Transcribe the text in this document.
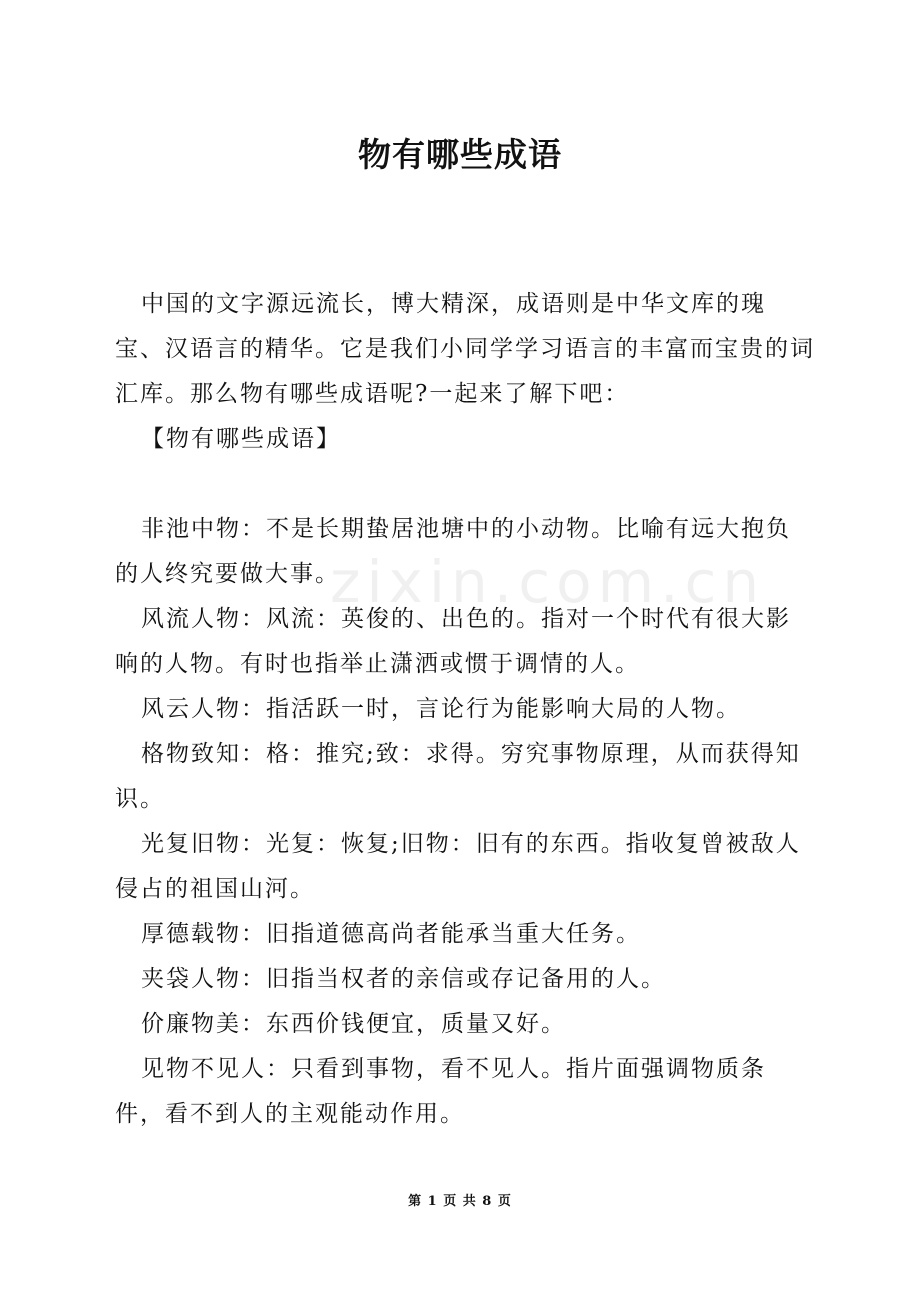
zixin.com.cn
物有哪些成语

中国的文字源远流长，博大精深，成语则是中华文库的瑰宝、汉语言的精华。它是我们小同学学习语言的丰富而宝贵的词汇库。那么物有哪些成语呢?一起来了解下吧：

【物有哪些成语】

非池中物：不是长期蛰居池塘中的小动物。比喻有远大抱负的人终究要做大事。

风流人物：风流：英俊的、出色的。指对一个时代有很大影响的人物。有时也指举止潇洒或惯于调情的人。

风云人物：指活跃一时，言论行为能影响大局的人物。

格物致知：格：推究;致：求得。穷究事物原理，从而获得知识。

光复旧物：光复：恢复;旧物：旧有的东西。指收复曾被敌人侵占的祖国山河。

厚德载物：旧指道德高尚者能承当重大任务。

夹袋人物：旧指当权者的亲信或存记备用的人。

价廉物美：东西价钱便宜，质量又好。

见物不见人：只看到事物，看不见人。指片面强调物质条件，看不到人的主观能动作用。

第 1 页 共 8 页
